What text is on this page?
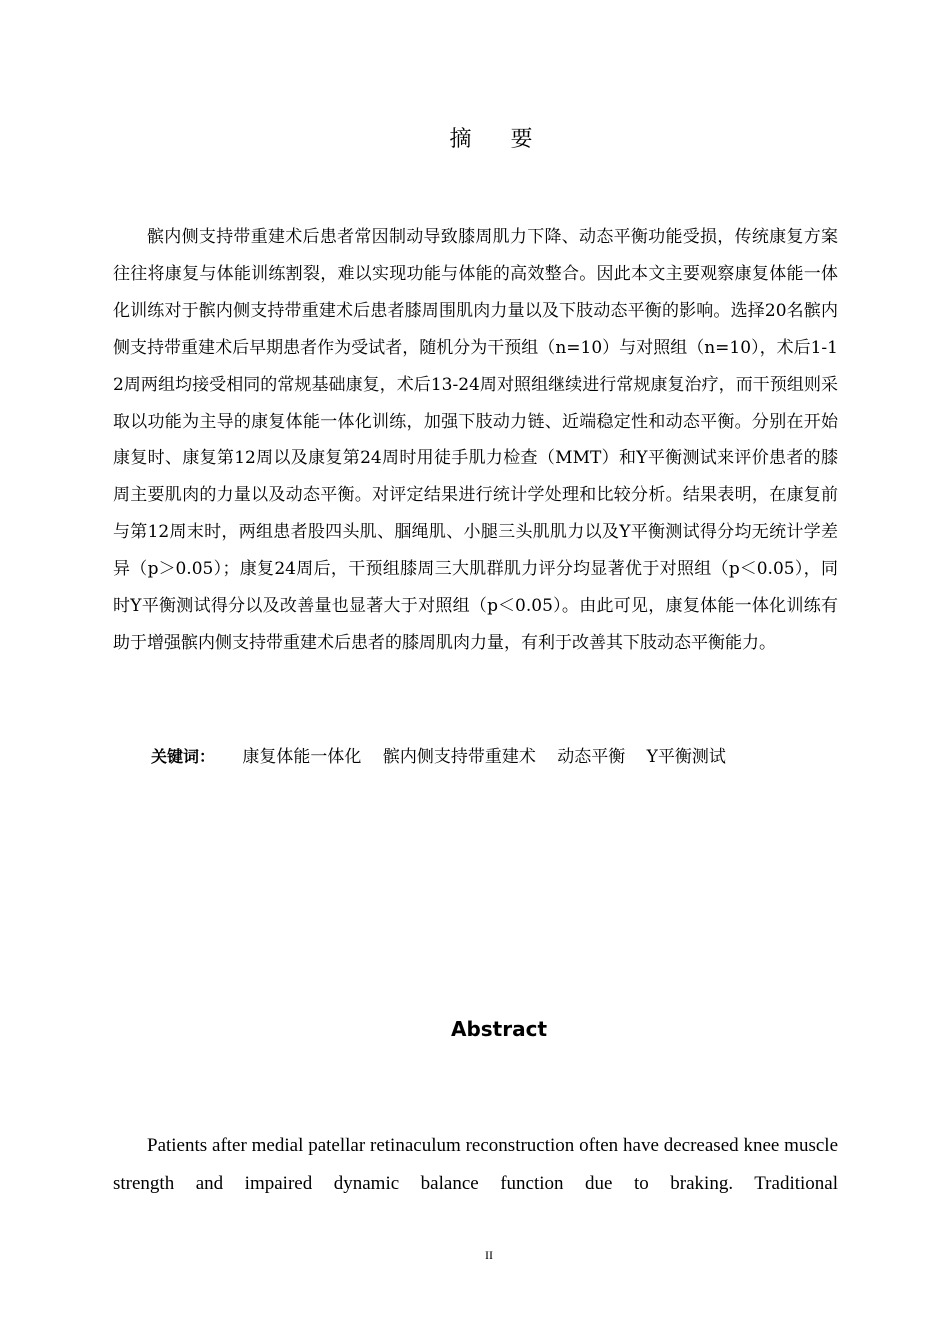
摘 要

髌内侧支持带重建术后患者常因制动导致膝周肌力下降、动态平衡功能受损，传统康复方案往往将康复与体能训练割裂，难以实现功能与体能的高效整合。因此本文主要观察康复体能一体化训练对于髌内侧支持带重建术后患者膝周围肌肉力量以及下肢动态平衡的影响。选择20名髌内侧支持带重建术后早期患者作为受试者，随机分为干预组（n=10）与对照组（n=10），术后1-12周两组均接受相同的常规基础康复，术后13-24周对照组继续进行常规康复治疗，而干预组则采取以功能为主导的康复体能一体化训练，加强下肢动力链、近端稳定性和动态平衡。分别在开始康复时、康复第12周以及康复第24周时用徒手肌力检查（MMT）和Y平衡测试来评价患者的膝周主要肌肉的力量以及动态平衡。对评定结果进行统计学处理和比较分析。结果表明，在康复前与第12周末时，两组患者股四头肌、腘绳肌、小腿三头肌肌力以及Y平衡测试得分均无统计学差异（p＞0.05）；康复24周后，干预组膝周三大肌群肌力评分均显著优于对照组（p＜0.05），同时Y平衡测试得分以及改善量也显著大于对照组（p＜0.05）。由此可见，康复体能一体化训练有助于增强髌内侧支持带重建术后患者的膝周肌肉力量，有利于改善其下肢动态平衡能力。

关键词： 康复体能一体化 髌内侧支持带重建术 动态平衡 Y平衡测试
Abstract

Patients after medial patellar retinaculum reconstruction often have decreased knee muscle strength and impaired dynamic balance function due to braking. Traditional

II
